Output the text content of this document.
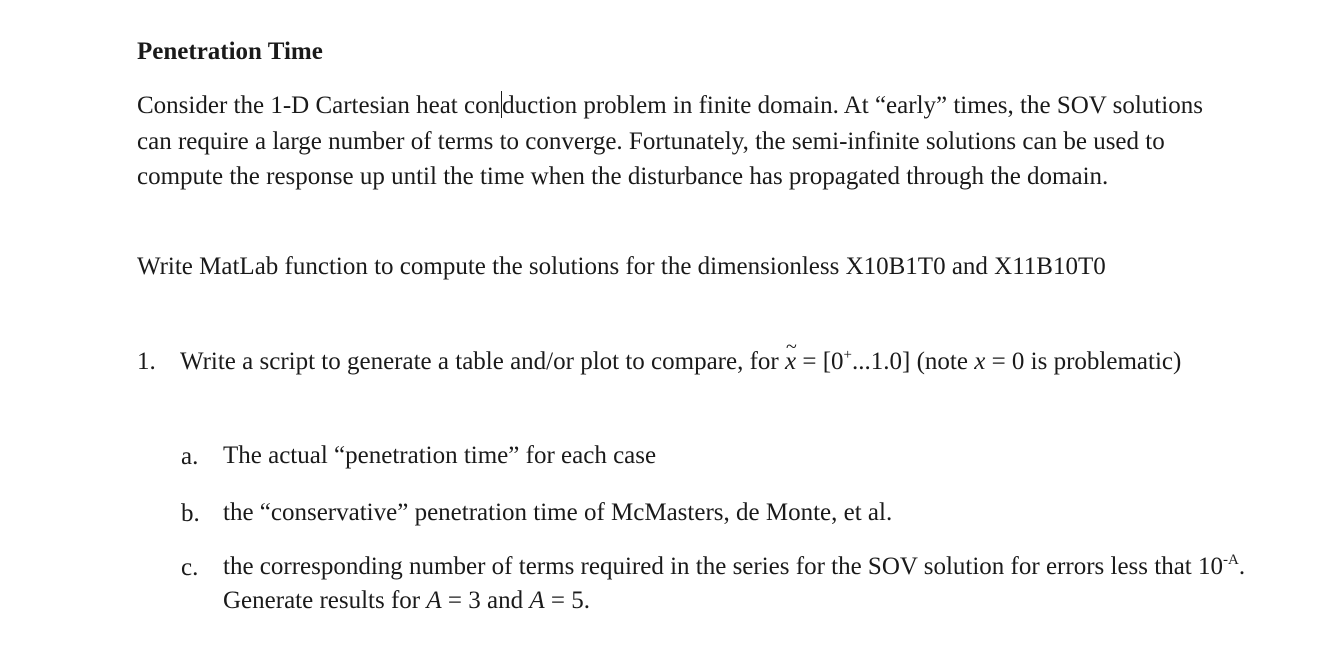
Penetration Time

Consider the 1-D Cartesian heat conduction problem in finite domain. At “early” times, the SOV solutions can require a large number of terms to converge. Fortunately, the semi-infinite solutions can be used to compute the response up until the time when the disturbance has propagated through the domain.

Write MatLab function to compute the solutions for the dimensionless X10B1T0 and X11B10T0

1. Write a script to generate a table and/or plot to compare, for ~ x = [0+...1.0] (note x = 0 is problematic)
a. The actual “penetration time” for each case
b. the “conservative” penetration time of McMasters, de Monte, et al.
c. the corresponding number of terms required in the series for the SOV solution for errors less that $10^{-A}$. Generate results for A = 3 and A = 5.
